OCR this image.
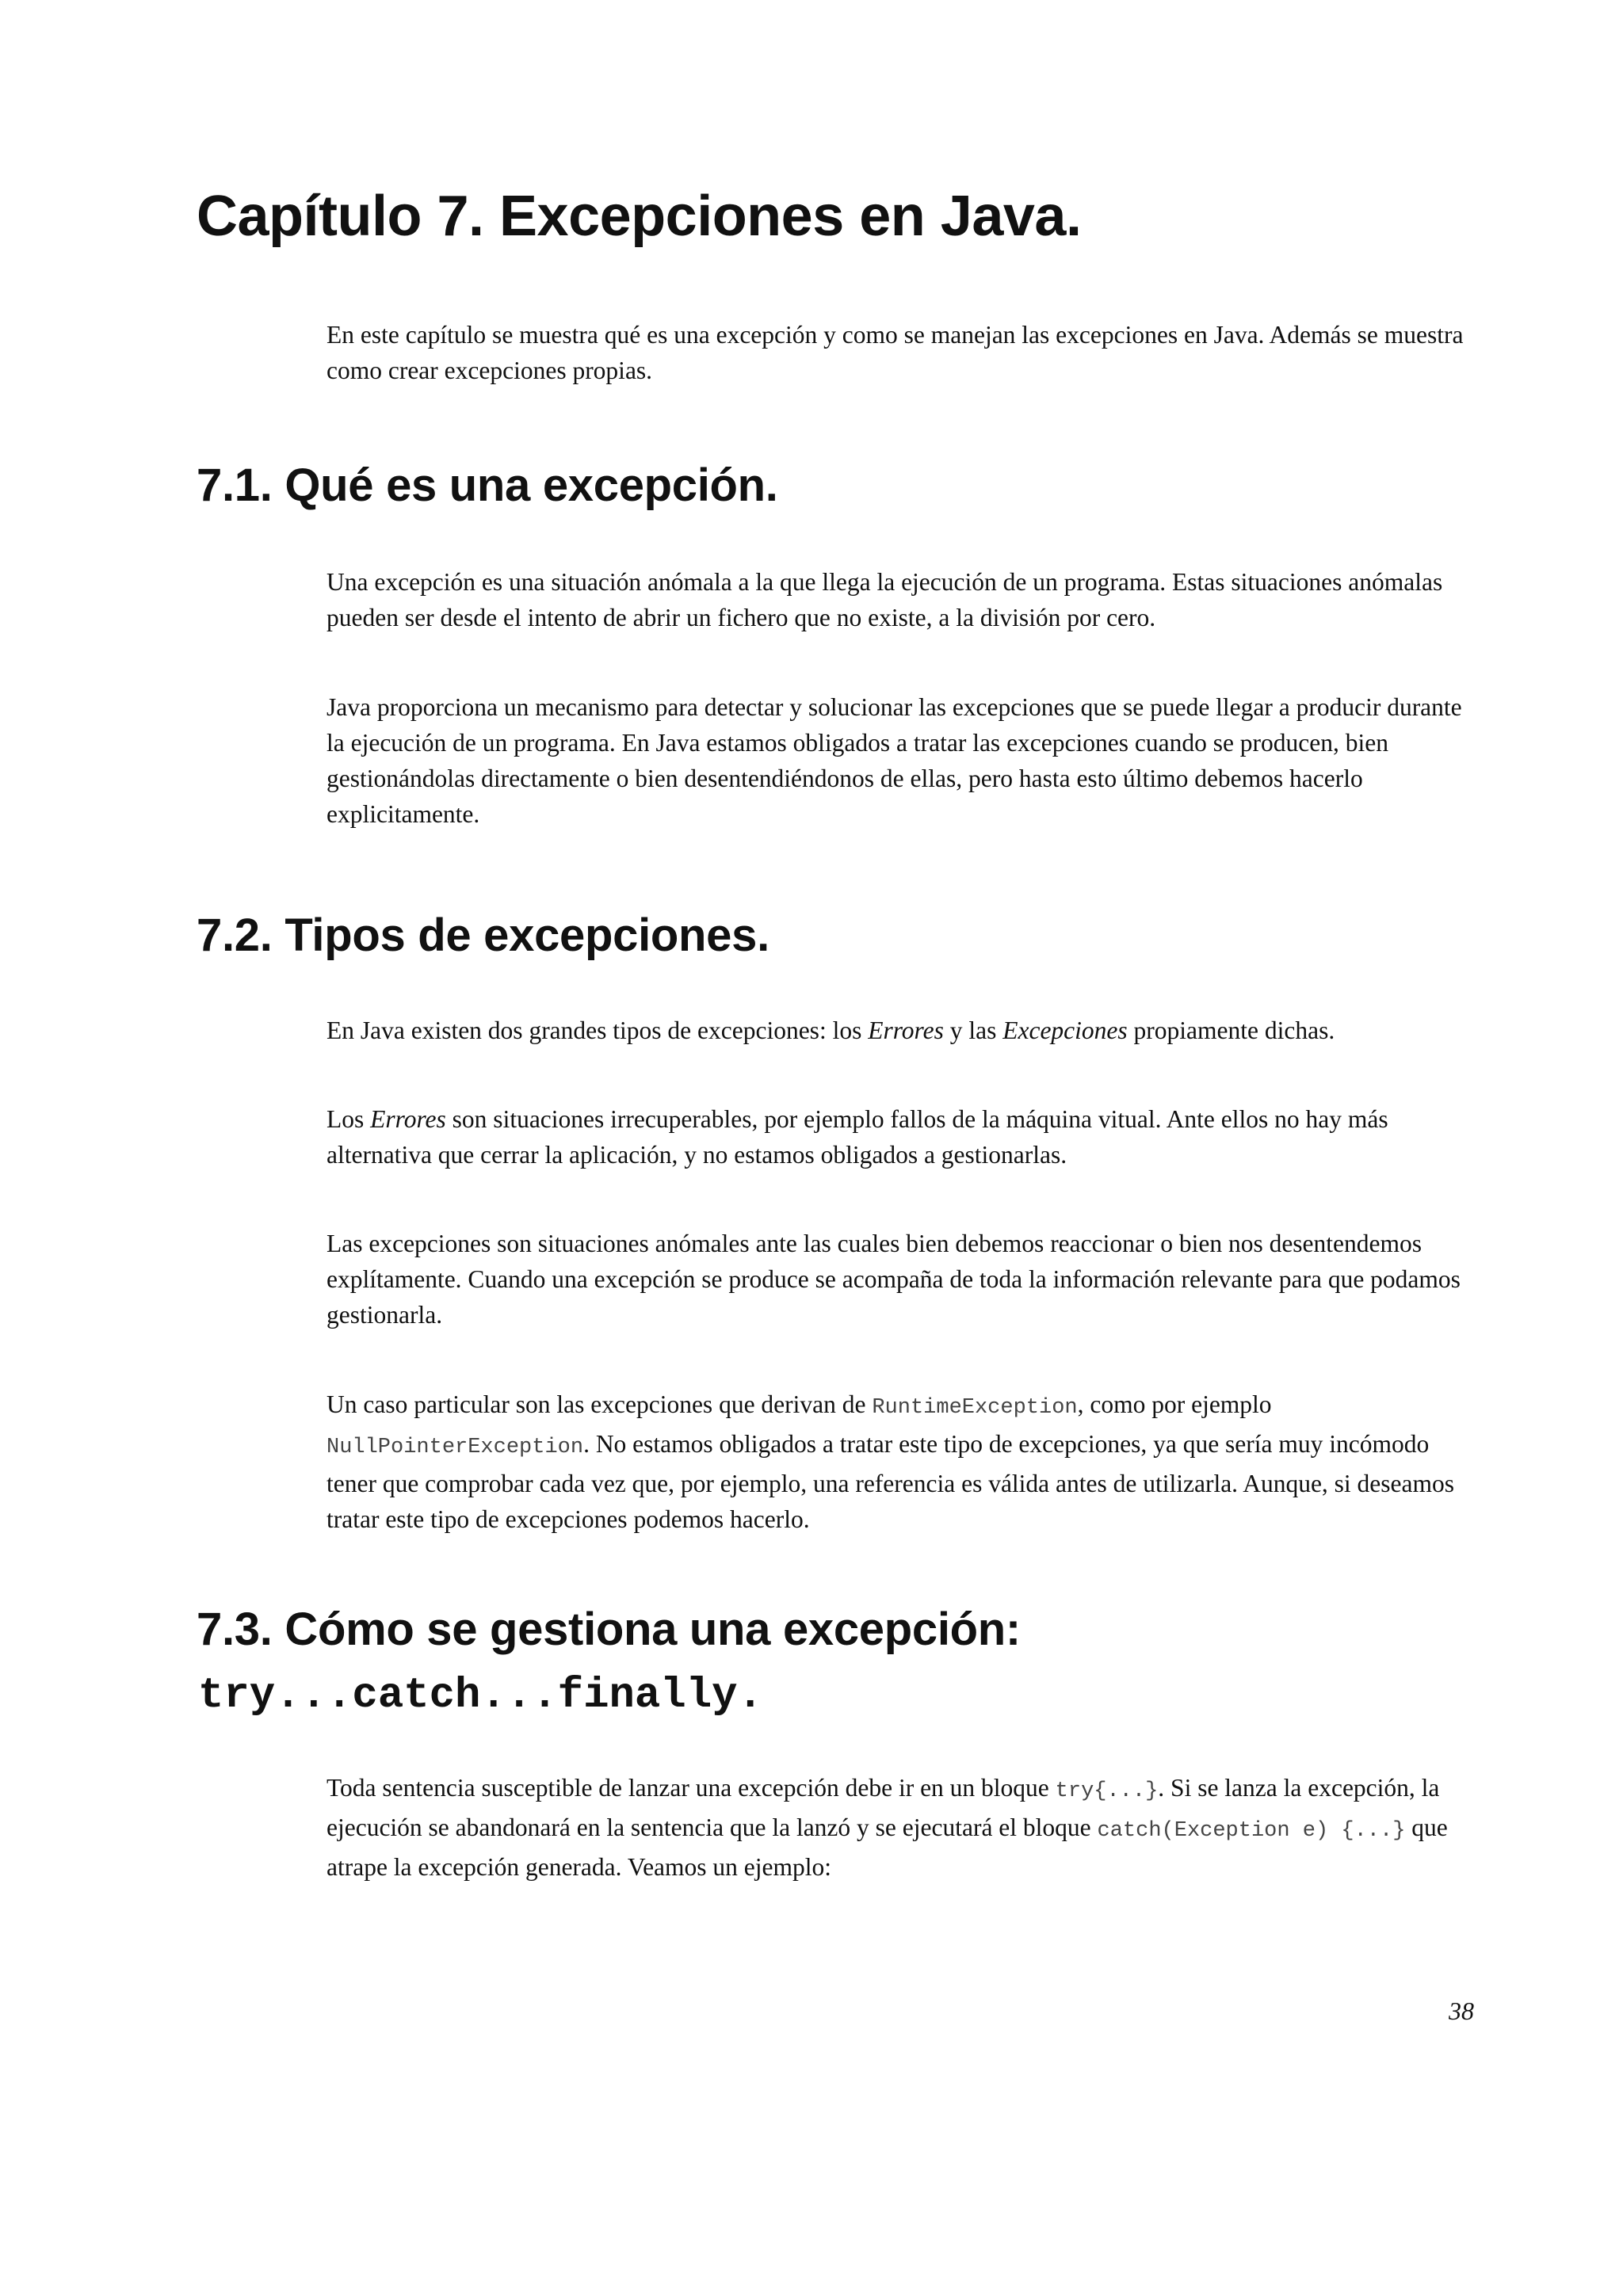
Capítulo 7. Excepciones en Java.

En este capítulo se muestra qué es una excepción y como se manejan las excepciones en Java. Además se muestra como crear excepciones propias.

7.1. Qué es una excepción.

Una excepción es una situación anómala a la que llega la ejecución de un programa. Estas situaciones anómalas pueden ser desde el intento de abrir un fichero que no existe, a la división por cero.

Java proporciona un mecanismo para detectar y solucionar las excepciones que se puede llegar a producir durante la ejecución de un programa. En Java estamos obligados a tratar las excepciones cuando se producen, bien gestionándolas directamente o bien desentendiéndonos de ellas, pero hasta esto último debemos hacerlo explicitamente.

7.2. Tipos de excepciones.

En Java existen dos grandes tipos de excepciones: los Errores y las Excepciones propiamente dichas.

Los Errores son situaciones irrecuperables, por ejemplo fallos de la máquina vitual. Ante ellos no hay más alternativa que cerrar la aplicación, y no estamos obligados a gestionarlas.

Las excepciones son situaciones anómales ante las cuales bien debemos reaccionar o bien nos desentendemos explítamente. Cuando una excepción se produce se acompaña de toda la información relevante para que podamos gestionarla.

Un caso particular son las excepciones que derivan de RuntimeException, como por ejemplo NullPointerException. No estamos obligados a tratar este tipo de excepciones, ya que sería muy incómodo tener que comprobar cada vez que, por ejemplo, una referencia es válida antes de utilizarla. Aunque, si deseamos tratar este tipo de excepciones podemos hacerlo.

7.3. Cómo se gestiona una excepción:
try...catch...finally.

Toda sentencia susceptible de lanzar una excepción debe ir en un bloque try{...}. Si se lanza la excepción, la ejecución se abandonará en la sentencia que la lanzó y se ejecutará el bloque catch(Exception e) {...} que atrape la excepción generada. Veamos un ejemplo:

38
